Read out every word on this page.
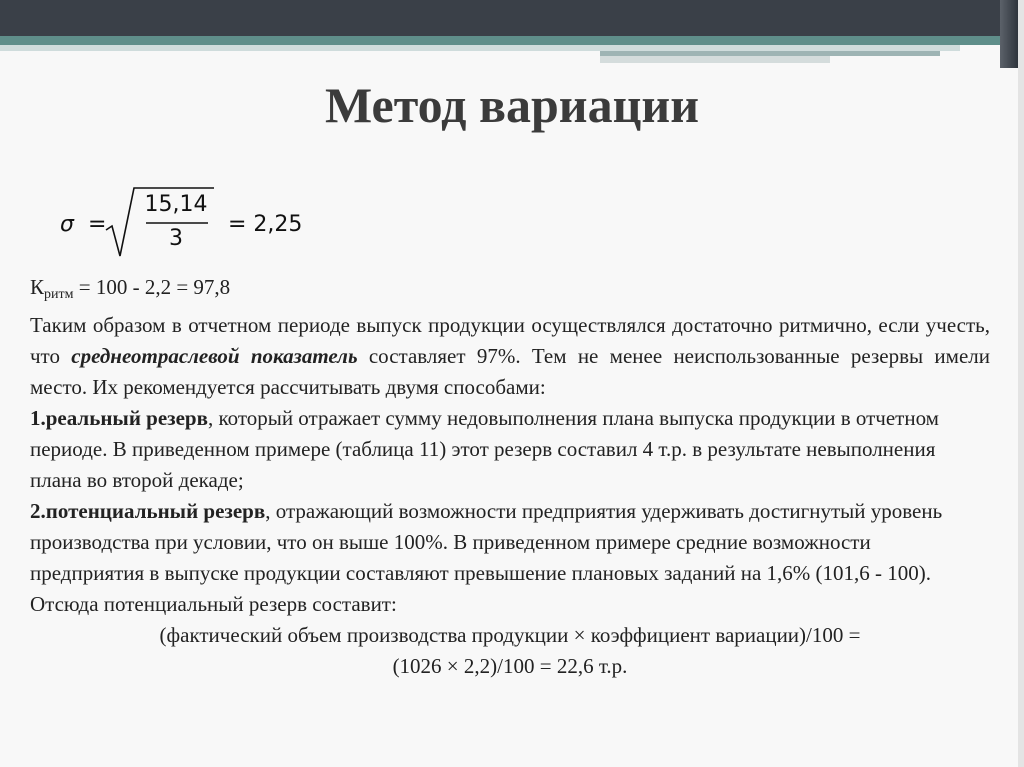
Метод вариации
σ =
15,14
3
= 2,25

$К_{ритм} = 100 - 2,2 = 97,8$

Таким образом в отчетном периоде выпуск продукции осуществлялся достаточно ритмично, если учесть, что среднеотраслевой показатель составляет 97%. Тем не менее неиспользованные резервы имели место. Их рекомендуется рассчитывать двумя способами:

1.реальный резерв, который отражает сумму недовыполнения плана выпуска продукции в отчетном периоде. В приведенном примере (таблица 11) этот резерв составил 4 т.р. в результате невыполнения плана во второй декаде;

2.потенциальный резерв, отражающий возможности предприятия удерживать достигнутый уровень производства при условии, что он выше 100%. В приведенном примере средние возможности предприятия в выпуске продукции составляют превышение плановых заданий на 1,6% (101,6 - 100). Отсюда потенциальный резерв составит:

(фактический объем производства продукции × коэффициент вариации)/100 =

(1026 × 2,2)/100 = 22,6 т.р.
